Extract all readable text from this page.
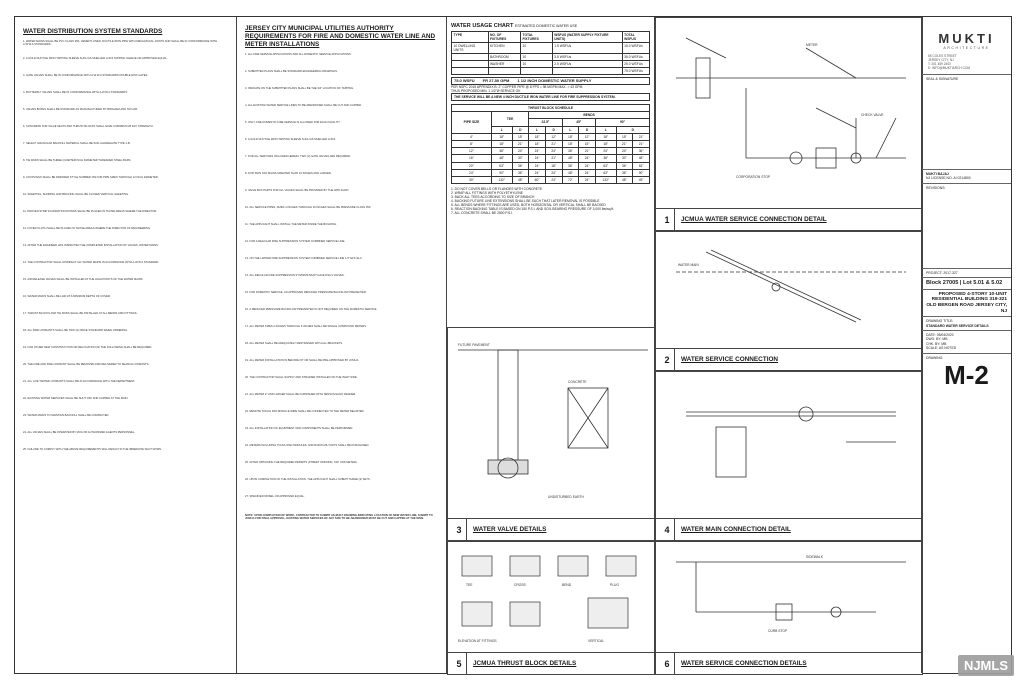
WATER DISTRIBUTION SYSTEM STANDARDS
1. WATER MAINS SHALL BE PVC CLASS 350, CEMENT LINED, DUCTILE IRON PIPE WITH MECHANICAL JOINTS AND SHALL BE IN CONFORMANCE WITH A.W.W.A STANDARDS.
2. A GOLD DUCTILE IRON TAPPING SLEEVE SUCH AS MUELLER H-615 TAPPING SLEEVE OR APPROVED EQUAL.
3. GATE VALVES SHALL BE IN CONFORMANCE WITH A.W.W.A STANDARDS DOUBLE DISC GATES.
4. BUTTERFLY VALVES SHALL BE IN CONFORMANCE WITH A.W.W.A STANDARDS.
5. VALVES BOXES SHALL BE STANDARD AS MANUFACTURED BY BINGHAM AND TAYLOR.
6. CONCRETE FOR VALVE SEATS AND THRUST BLOCKS SHALL HAVE A MINIMUM 28 DAY STRENGTH.
7. SELECT GRANULAR BACKFILL MATERIAL SHALL BE SOIL AGGREGATE TYPE 1-B.
8. TIE RODS SHALL BE THREE QUARTER INCH DIAMETER THREADED STEEL BARS.
9. COUPLINGS SHALL BE DRESSER STYLE NUMBER 153 FOR PIPE SIZES THROUGH 12 INCH DIAMETER.
10. SHEETING, SHORING AND BRACING SHALL BE CLOSED VERTICAL SHEETING.
11. PROVEN STRIP FOUNDATION DOWNS SHALL BE PLACED IN THOSE AREAS WHERE THE DIRECTOR.
12. FILTER CLOTH SHALL BE PLACED IN THOSE AREAS WHERE THE DIRECTOR OF ENGINEERING.
13. AFTER THE ENGINEER HAS INSPECTED THE COMPLETED INSTALLATION OF VALVES, WATER MAINS.
14. THE CONTRACTOR SHALL DISINFECT ALL WATER MAINS IN ACCORDANCE WITH A.W.W.A STANDARD.
15. AIR RELEASE VALVES SHALL BE INSTALLED AT THE HIGH POINTS OF THE WATER MAINS.
16. WATER MAINS SHALL BE LAID AT A MINIMUM DEPTH OF COVER.
17. THRUST BLOCKS AND TIE RODS SHALL BE INSTALLED AT ALL BENDS AND FITTINGS.
18. ALL FIRE HYDRANTS SHALL BE TWO (2) PIECE STANDARD WHEN ORDERING.
19. FOR OTHER NEW CONSTRUCTION OR RELOCATION OF THE FOLLOWING SHALL BE REQUIRED.
20. THE FIRE AND FIRE HYDRANT SHALL BE REMOVED AND DELIVERED TO SEARCH HYDRANTS.
21. ALL LIVE TAPPED HYDRANTS SHALL BE IN ACCORDANCE WITH THE DEPARTMENT.
22. EXISTING WATER SERVICES SHALL BE SHUT OFF AND CAPPED AT THE MAIN.
23. WATER MAINS TO MAINTAIN BACKFILL SHALL BE COMPACTED.
24. ALL VALVES SHALL BE OPERATED BY MUA OR AUTHORIZED AGENTS PERSONNEL.
25. FAILURE TO COMPLY WITH THE ABOVE REQUIREMENTS WILL RESULT IN THE IMMEDIATE SHUT DOWN.
JERSEY CITY MUNICIPAL UTILITIES AUTHORITY REQUIREMENTS FOR FIRE AND DOMESTIC WATER LINE AND METER INSTALLATIONS
1. ALL FIRE SERVICE APPLICATIONS AND ALL DOMESTIC SERVICE APPLICATIONS.
2. SUBMITTED PLANS SHALL BE STANDARD ENGINEERING DRAWINGS.
3. INDICATE ON THE SUBMITTED PLANS SHALL BE THE 3/4" LOCATION OF TAPPING.
4. ALL EXISTING WATER SERVICE LINES TO BE ABANDONED SHALL BE CUT AND CAPPED.
5. ONLY ONE DOMESTIC FIRE SERVICE IS ALLOWED FOR EACH FACILITY.
6. A GOLD DUCTILE IRON TAPPING SLEEVE SUCH AS MUELLER H-615.
7. FOR ALL SERVICES INCLUDED HEREIN, TWO (2) GATE VALVES ARE REQUIRED.
8. FOR TAPS OFF MAINS GREATER THAN 16 INCHES AND LARGER.
9. VALVE BOX PARTS FOR ALL VALVES SHALL BE PROVIDED BY THE APPLICANT.
10. ALL SERVICE PIPES, SIZES 4 INCHES THROUGH 16 INCHES SHALL BE PRESSURE CLASS 350.
11. THE APPLICANT SHALL INSTALL THE METER INSIDE THE BUILDING.
12. FOR A REGULAR FIRE SUPPRESSION SYSTEM COMBINED SERVICE LINE.
13. ON THE LIMITED FIRE SUPPRESSION SYSTEM COMBINED SERVICE LINE 1.5" EFF. ELC.
14. ALL REGULAR FIRE SUPPRESSION SYSTEMS MUST HAVE DSA 3 VALVES.
15. FOR DOMESTIC SERVICE, AN APPROVED REDUCED PRESSURE BACKFLOW PREVENTER.
16. A REDUCED PRESSURE BACKFLOW PREVENTER IS NOT REQUIRED ON THE DOMESTIC SERVICE.
17. ALL METER SIZES 2 INCHES THROUGH 6 INCHES SHALL BE SINGLE COMPOUND METERS.
18. ALL METER SHALL BE ADEQUATELY RESTRAINED WITH ALL BRACKETS.
19. ALL METER INSTALLATION IN BEFORE FIT OR SHALL BE PRE-APPROVED BY JCMUA.
20. THE CONTRACTOR SHALL SUPPLY AND STRAINER INSTALLED ON THE INLET SIDE.
21. ALL METER 2" AND LARGER SHALL BE FURNISHED WITH SENSUS ECHO READER.
22. REMOTE TOUCH PAD MODULE WIRE SHALL BE CONNECTED TO THE METER REGISTER.
23. ALL INSTALLATION OF EQUIPMENT AND COMPONENTS SHALL BE PERFORMED.
24. METERS INCLUDING TOUCH PAD MODULES, AND RADIO MIU UNITS SHALL BE PURCHASED.
25. AFTER OBTAINING THE REQUIRED PERMITS (STREET OPENING, TAP, AND METER).
26. UPON COMPLETION OF THE INSTALLATION, THE APPLICANT SHALL SUBMIT THREE (3) SETS.
27. SPECIFIED MODEL OR APPROVED EQUAL.
NOTE: UPON COMPLETION OF WORK, CONTRACTOR TO SUBMIT AS-BUILT DRAWING INDICATING LOCATION OF NEW WATER LINE, SUBMIT TO JCMUA FOR FINAL APPROVAL. EXISTING WATER SERVICES OF ANY SIZE TO BE ABANDONED MUST BE CUT AND CAPPED AT THE MAIN.
WATER USAGE CHART ESTIMATED DOMESTIC WATER USE
TYPE	NO. OF FIXTURES	TOTAL FIXTURES	WSFUS (WATER SUPPLY FIXTURE UNITS)	TOTAL WSFUS
10 DWELLING UNITS	KITCHEN	10	1.5 WSFUs	15.0 WSFUs
	BATHROOM	10	3.5 WSFUs	35.0 WSFUs
	WASHER	10	2.5 WSFUs	25.0 WSFUs
				75.0 WSFUs
75.0 WSFU FR 27.50 GPM 1 1/2 INCH DOMESTIC WATER SUPPLY
PER NSPC 2015 APPENDIX B: 2" COPPER PIPE @ 8 FPS ≈ 98 MGPM MAX. > 43 GPM
THUS PROPOSED MIN. 1 1/2"Ø SERVICE OK
THE SERVICE WILL BE A NEW 4 INCH DUCTILE IRON WATER LINE FOR FIRE SUPPRESSION SYSTEM.
THRUST BLOCK SCHEDULE									
PIPE SIZE	TEE		BENDS						
			22.5°		45°		90°		
	L	D	L	D	L	D	L	D	
4"	18"	15"	18"	12"	18"	12"	18"	15"	21"
8"	18"	21"	18"	21"	18"	15"	18"	21"	21"
12"	36"	24"	24"	24"	36"	21"	24"	24"	36"
16"	48"	30"	24"	21"	48"	24"	36"	30"	48"
20"	63"	36"	24"	18"	36"	24"	63"	36"	63"
24"	90"	36"	24"	24"	48"	24"	63"	36"	90"
30"	132"	48"	60"	24"	72"	24"	132"	48"	49"
1. DO NOT COVER BELLS OR FLANGES WITH CONCRETE
2. WRAP ALL FITTINGS WITH POLYETHYLENE
3. BACK ALL TEES ACCORDING TO SIZE OF BRANCH
4. BACKING FUTURE LINE EXTENSIONS SHALL BE SUCH THAT LATER REMOVAL IS POSSIBLE
5. ALL BENDS WHERE FITTINGS ARE USED, BOTH HORIZONTAL OR VERTICAL SHALL BE BACKED
6. REACTION BACKING TABLE IS BASED ON 150 P.S.I. AND SOIL BEARING PRESSURE OF 3,000 lbs/sq.ft.
7. ALL CONCRETE SHALL BE 2500 P.S.I.
METER
CHECK VALVE
CORPORATION STOP
1	JCMUA WATER SERVICE CONNECTION DETAIL
WATER MAIN
2	WATER SERVICE CONNECTION
FUTURE PAVEMENT
CONCRETE
UNDISTURBED EARTH
3	WATER VALVE DETAILS	4	WATER MAIN CONNECTION DETAIL
TEE	CROSS	BEND	PLUG
ELEVATION AT FITTINGS	VERTICAL
5	JCMUA THRUST BLOCK DETAILS
SIDEWALK
CURB STOP
6	WATER SERVICE CONNECTION DETAILS
MUKTI
ARCHITECTURE
55 COLES STREET
JERSEY CITY, NJ
T: 201 459 2400
E: INFO@MUKTIARCH.COM
SEAL & SIGNATURE
MUKTI BAJAJ
NJ LICENSE NO. AI 0214800
REVISIONS:
PROJECT: 2017-327
Block 27005 | Lot 5.01 & 5.02
PROPOSED 4-STORY 10-UNIT RESIDENTIAL BUILDING 319-321 OLD BERGEN ROAD JERSEY CITY, NJ
DRAWING TITLE:
STANDARD WATER SERVICE DETAILS
DATE: 05/04/2020
DWG. BY: MB
CHK. BY: MB
SCALE: AS NOTED
DRAWING:
M-2
NJMLS
